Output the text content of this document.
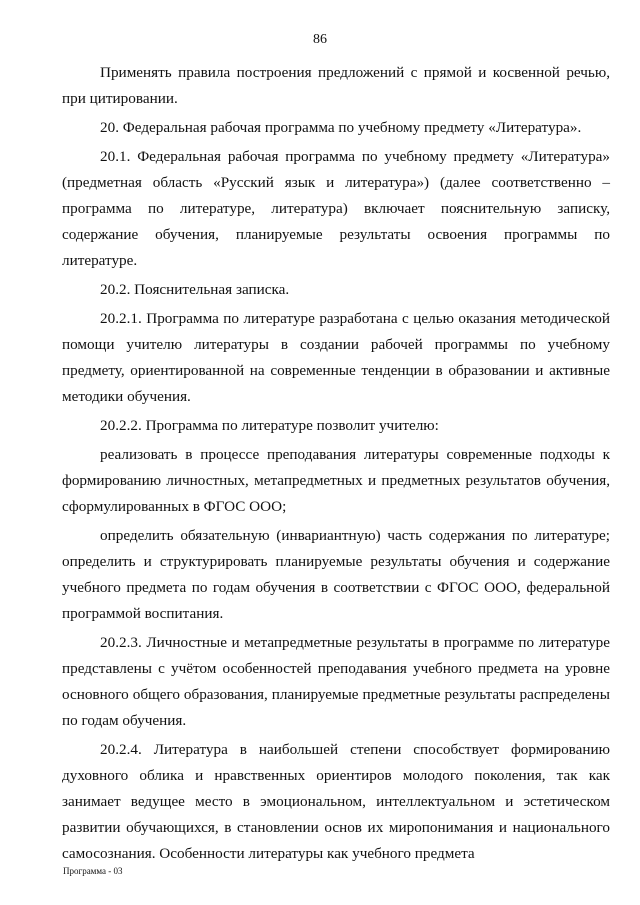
86

Применять правила построения предложений с прямой и косвенной речью, при цитировании.

20. Федеральная рабочая программа по учебному предмету «Литература».

20.1. Федеральная рабочая программа по учебному предмету «Литература» (предметная область «Русский язык и литература») (далее соответственно – программа по литературе, литература) включает пояснительную записку, содержание обучения, планируемые результаты освоения программы по литературе.

20.2. Пояснительная записка.

20.2.1. Программа по литературе разработана с целью оказания методической помощи учителю литературы в создании рабочей программы по учебному предмету, ориентированной на современные тенденции в образовании и активные методики обучения.

20.2.2. Программа по литературе позволит учителю:

реализовать в процессе преподавания литературы современные подходы к формированию личностных, метапредметных и предметных результатов обучения, сформулированных в ФГОС ООО;

определить обязательную (инвариантную) часть содержания по литературе; определить и структурировать планируемые результаты обучения и содержание учебного предмета по годам обучения в соответствии с ФГОС ООО, федеральной программой воспитания.

20.2.3. Личностные и метапредметные результаты в программе по литературе представлены с учётом особенностей преподавания учебного предмета на уровне основного общего образования, планируемые предметные результаты распределены по годам обучения.

20.2.4. Литература в наибольшей степени способствует формированию духовного облика и нравственных ориентиров молодого поколения, так как занимает ведущее место в эмоциональном, интеллектуальном и эстетическом развитии обучающихся, в становлении основ их миропонимания и национального самосознания. Особенности литературы как учебного предмета

Программа - 03
